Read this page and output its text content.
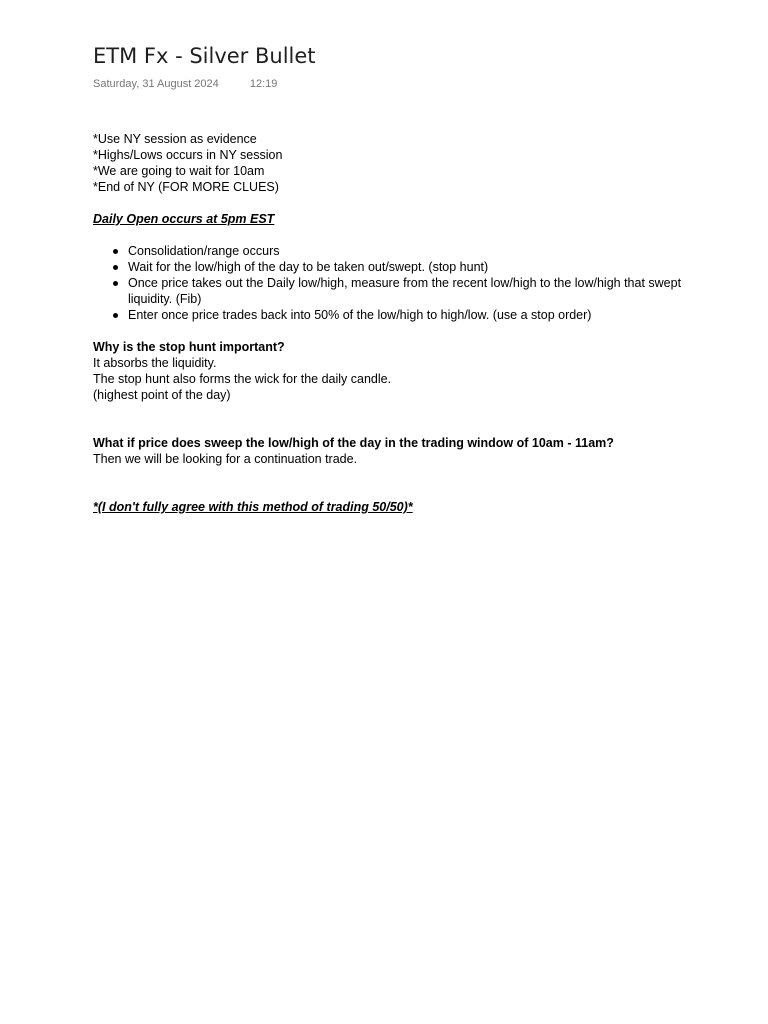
ETM Fx - Silver Bullet
Saturday, 31 August 2024	12:19
*Use NY session as evidence
*Highs/Lows occurs in NY session
*We are going to wait for 10am
*End of NY (FOR MORE CLUES)
Daily Open occurs at 5pm EST
Consolidation/range occurs
Wait for the low/high of the day to be taken out/swept. (stop hunt)
Once price takes out the Daily low/high, measure from the recent low/high to the low/high that swept liquidity. (Fib)
Enter once price trades back into 50% of the low/high to high/low. (use a stop order)
Why is the stop hunt important?
It absorbs the liquidity.
The stop hunt also forms the wick for the daily candle.
(highest point of the day)
What if price does sweep the low/high of the day in the trading window of 10am - 11am?
Then we will be looking for a continuation trade.
*(I don't fully agree with this method of trading 50/50)*
